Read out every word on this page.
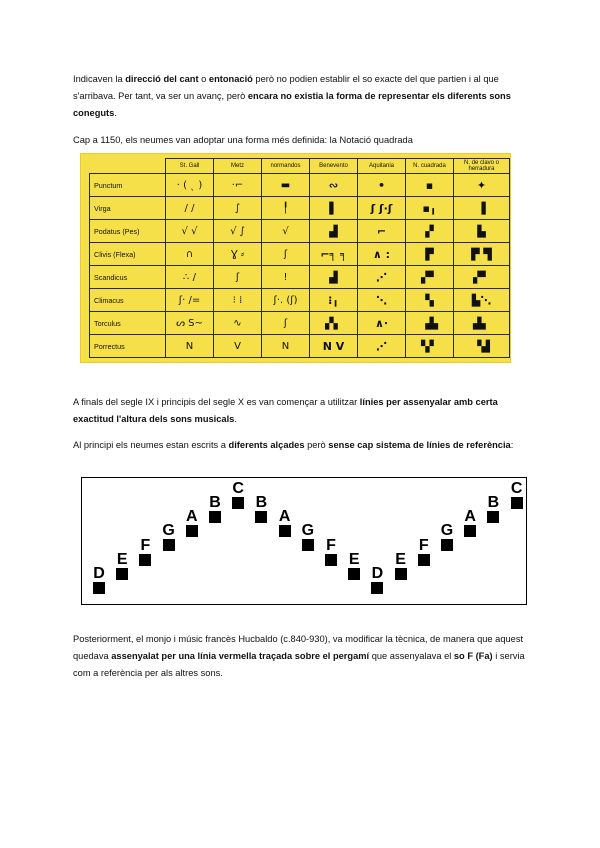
Indicaven la direcció del cant o entonació però no podien establir el so exacte del que partien i al que s'arribava. Per tant, va ser un avanç, però encara no existia la forma de representar els diferents sons coneguts.
Cap a 1150, els neumes van adoptar una forma més definida: la Notació quadrada
	St. Gall	Metz	normandos	Benevento	Aquitania	N. cuadrada	N. de clavo o herradura
Punctum	· ( ˎ )	·⌐	▬	∾	•	▪	✦
Virga	/ /	∫	╿	▌	ʃ ʃ·ʃ	▪╻	▐
Podatus (Pes)	√ √	√ ∫	√	▟	⌐	▗▘	▙
Clivis (Flexa)	∩	Ɣ ⸗	ʃ	⌐╕ ╕	∧ :	▛	▛ ▜
Scandicus	∴ /	ʃ	!	▟	⋰	▞▘	▞▘
Climacus	ʃ· /=	⁝ ⁞	ʃ·. (ʃ)	⁝╻	⋱	▚	▙⋱
Torculus	ᔕ S~	∿	ʃ	▞▖	∧∙	▗▙	▟▖
Porrectus	N	V	N	N V	⋰	▚▘	▝▟
A finals del segle IX i principis del segle X es van començar a utilitzar línies per assenyalar amb certa exactitud l'altura dels sons musicals.
Al principi els neumes estan escrits a diferents alçades però sense cap sistema de línies de referència:
D
E
F
G
A
B
C
B
A
G
F
E
D
E
F
G
A
B
C
Posteriorment, el monjo i músic francès Hucbaldo (c.840-930), va modificar la tècnica, de manera que aquest quedava assenyalat per una línia vermella traçada sobre el pergamí que assenyalava el so F (Fa) i servia com a referència per als altres sons.
